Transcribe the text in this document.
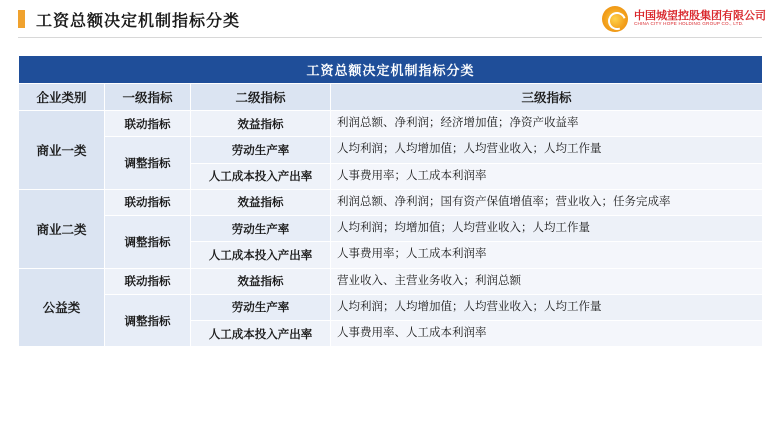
工资总额决定机制指标分类	中国城望控股集团有限公司
CHINA CITY HOPE HOLDING GROUP CO., LTD.
工资总额决定机制指标分类			
企业类别	一级指标	二级指标	三级指标
商业一类	联动指标	效益指标	利润总额、净利润；经济增加值；净资产收益率
	调整指标	劳动生产率	人均利润；人均增加值；人均营业收入；人均工作量
		人工成本投入产出率	人事费用率；人工成本利润率
商业二类	联动指标	效益指标	利润总额、净利润；国有资产保值增值率；营业收入；任务完成率
	调整指标	劳动生产率	人均利润；均增加值；人均营业收入；人均工作量
		人工成本投入产出率	人事费用率；人工成本利润率
公益类	联动指标	效益指标	营业收入、主营业务收入；利润总额
	调整指标	劳动生产率	人均利润；人均增加值；人均营业收入；人均工作量
		人工成本投入产出率	人事费用率、人工成本利润率
